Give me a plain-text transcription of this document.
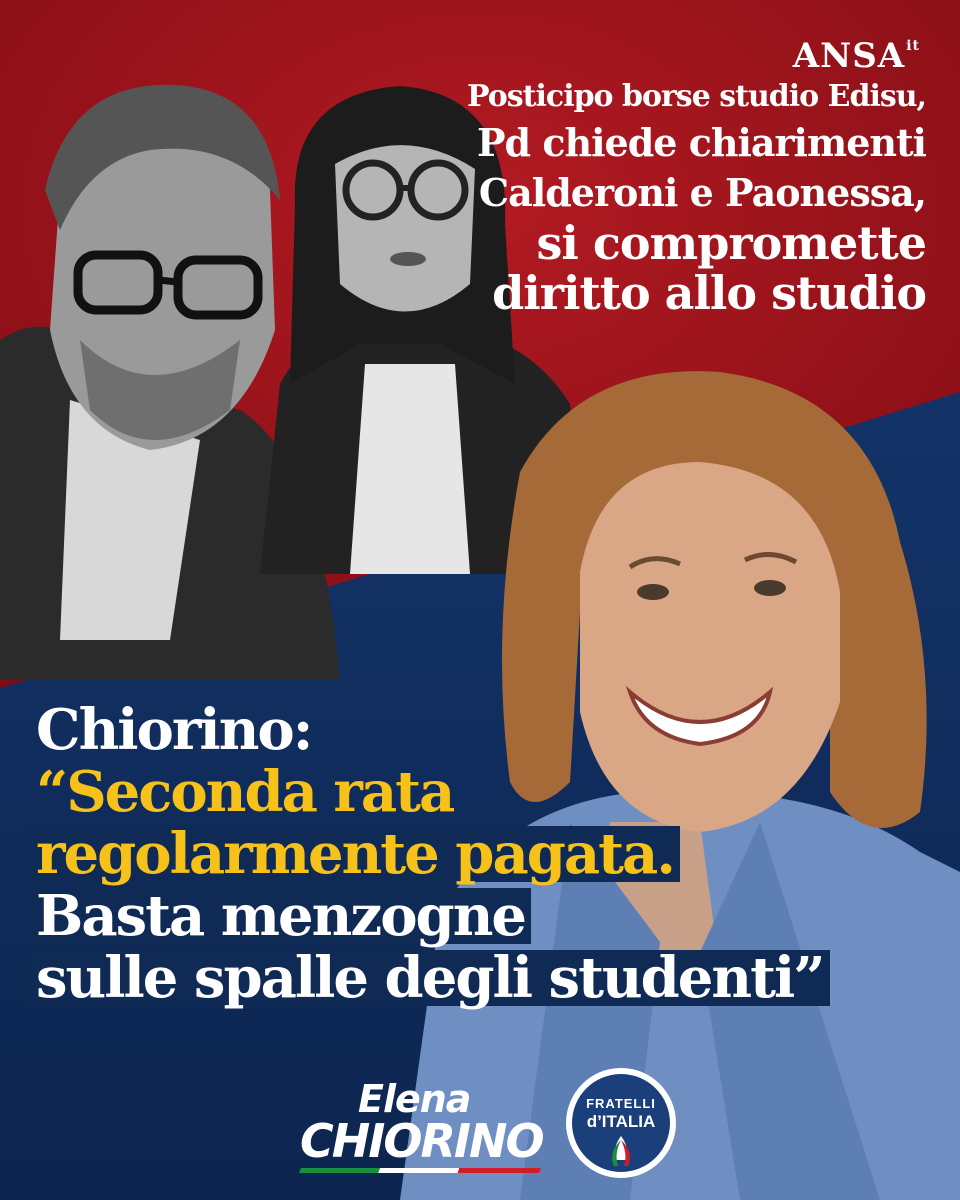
$ANSA^{it}$
Posticipo borse studio Edisu,
Pd chiede chiarimenti
Calderoni e Paonessa,
si compromette
diritto allo studio
Chiorino:
“Seconda rata
regolarmente pagata.
Basta menzogne
sulle spalle degli studenti”
Elena
CHIORINO
FRATELLI
d’ITALIA
